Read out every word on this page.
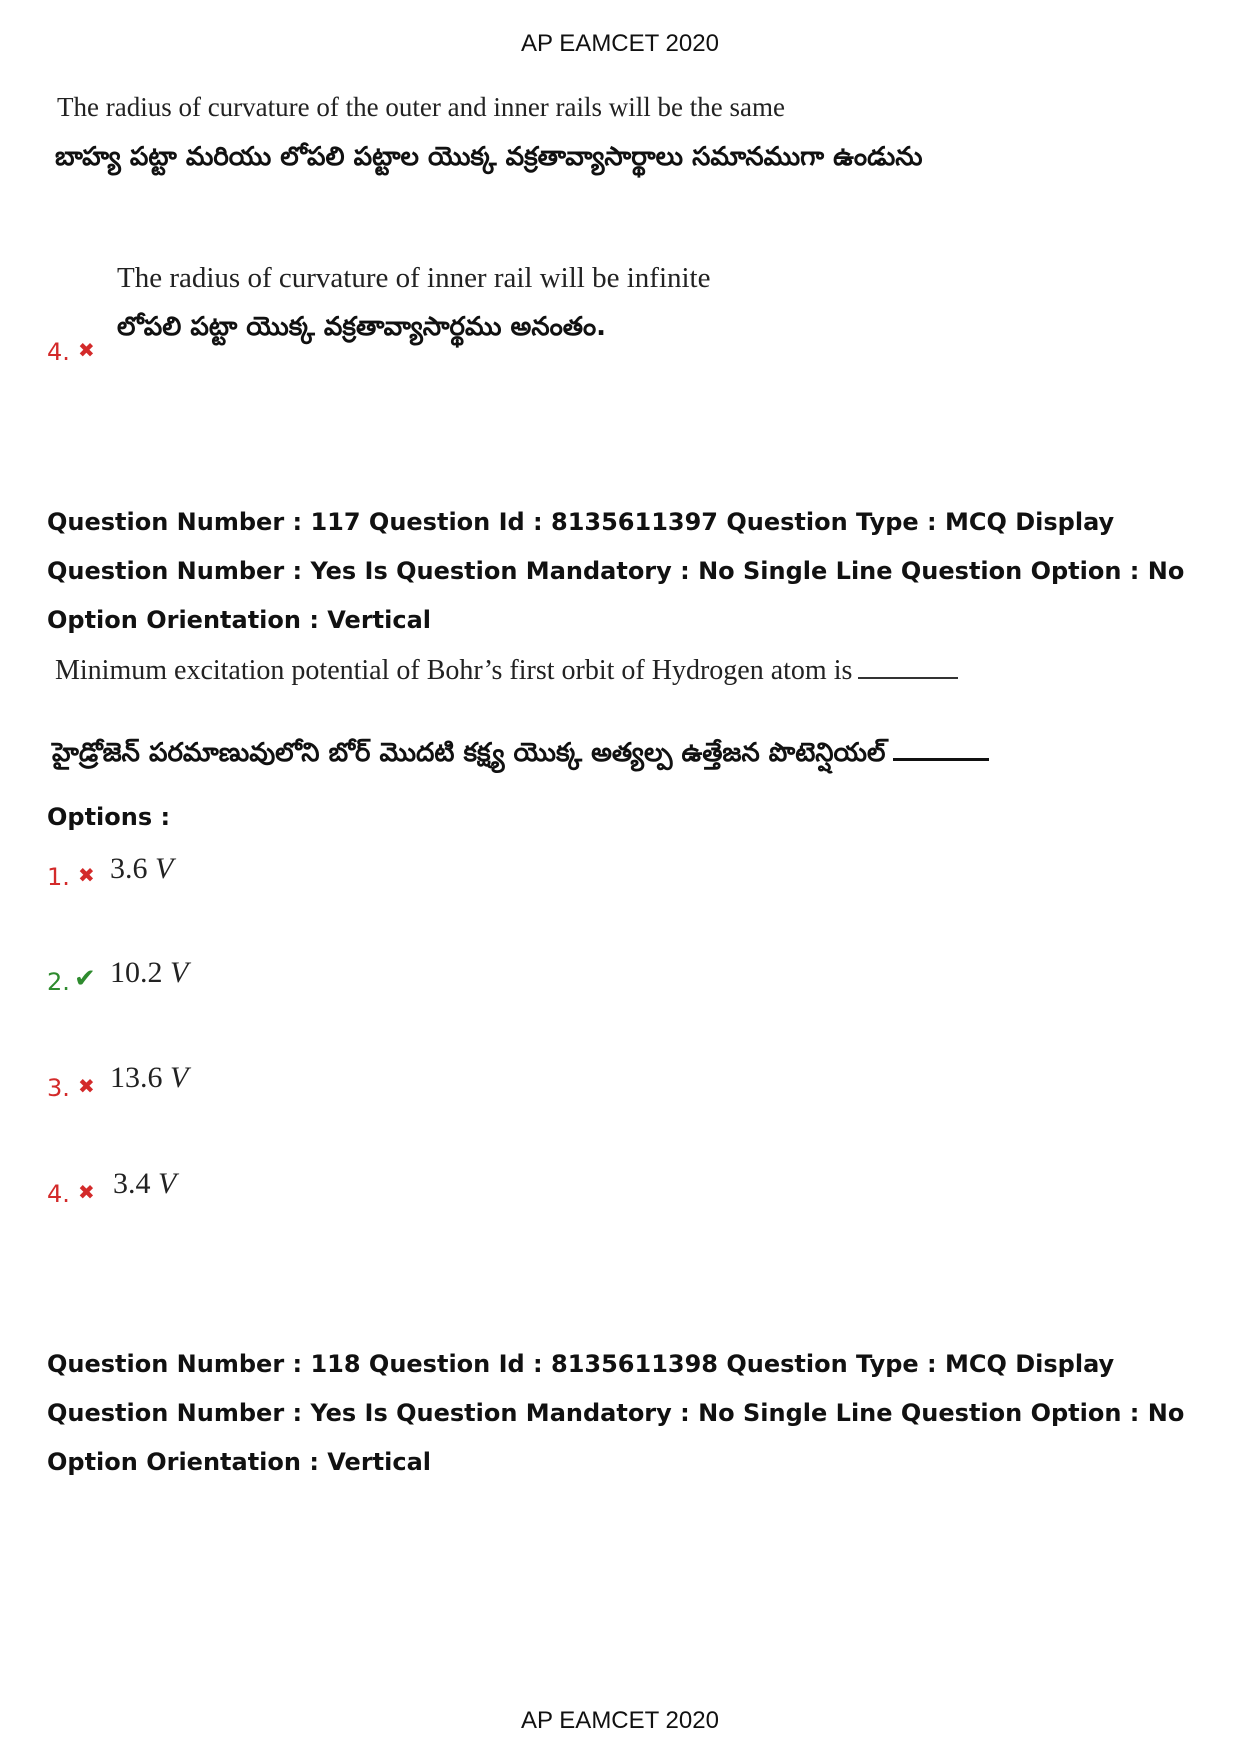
AP EAMCET 2020
The radius of curvature of the outer and inner rails will be the same
బాహ్య పట్టా మరియు లోపలి పట్టాల యొక్క వక్రతావ్యాసార్థాలు సమానముగా ఉండును
4. ✖
The radius of curvature of inner rail will be infinite
లోపలి పట్టా యొక్క వక్రతావ్యాసార్థము అనంతం.
Question Number : 117 Question Id : 8135611397 Question Type : MCQ Display Question Number : Yes Is Question Mandatory : No Single Line Question Option : No Option Orientation : Vertical
Minimum excitation potential of Bohr’s first orbit of Hydrogen atom is
హైడ్రోజెన్ పరమాణువులోని బోర్ మొదటి కక్ష్య యొక్క అత్యల్ప ఉత్తేజన పొటెన్షియల్
Options :
1. ✖ 3.6 V
2. ✔ 10.2 V
3. ✖ 13.6 V
4. ✖ 3.4 V
Question Number : 118 Question Id : 8135611398 Question Type : MCQ Display Question Number : Yes Is Question Mandatory : No Single Line Question Option : No Option Orientation : Vertical
AP EAMCET 2020
